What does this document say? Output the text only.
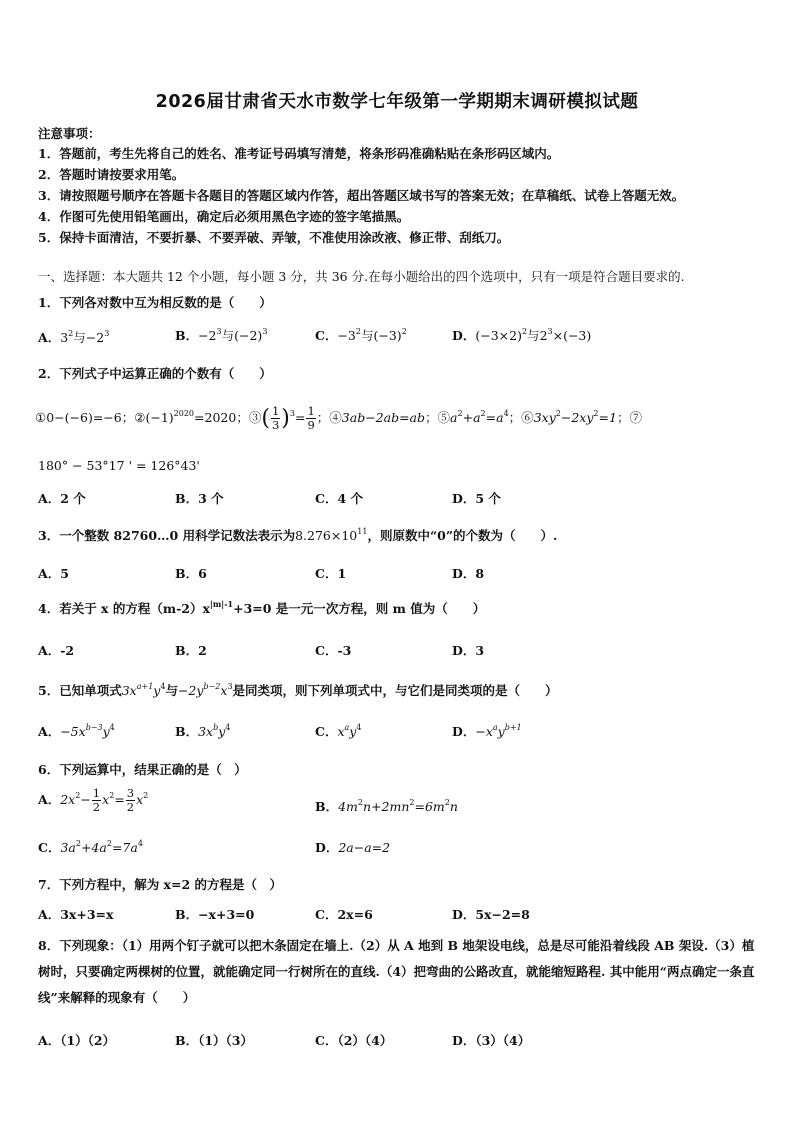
2026届甘肃省天水市数学七年级第一学期期末调研模拟试题
注意事项：
1．答题前，考生先将自己的姓名、准考证号码填写清楚，将条形码准确粘贴在条形码区域内。
2．答题时请按要求用笔。
3．请按照题号顺序在答题卡各题目的答题区域内作答，超出答题区域书写的答案无效；在草稿纸、试卷上答题无效。
4．作图可先使用铅笔画出，确定后必须用黑色字迹的签字笔描黑。
5．保持卡面清洁，不要折暴、不要弄破、弄皱，不准使用涂改液、修正带、刮纸刀。
一、选择题：本大题共 12 个小题，每小题 3 分，共 36 分.在每小题给出的四个选项中，只有一项是符合题目要求的.
1．下列各对数中互为相反数的是（　　）
A．$3^2$与$-2^3$	B．$-2^3$与$(-2)^3$	C．$-3^2$与$(-3)^2$	D．$(-3\times 2)^2$与$2^3\times(-3)$
2．下列式子中运算正确的个数有（　　）
①0−(−6)=−6；$②(-1)^{2020}=2020$；③( $\frac{1}{3} )^3= \frac{1}{9}$ ；④3ab−2ab=ab；$⑤a^2+a^2=a^4$；$⑥3xy^2-2xy^2=1$；⑦
180° − 53°17 ' = 126°43'
A．2 个	B．3 个	C．4 个	D．5 个
3．一个整数 82760…0 用科学记数法表示为$8.276\times 10^{11}$，则原数中“0”的个数为（　　）.
A．5	B．6	C．1	D．8
4．若关于 x 的方程$(m-2)x^{|m|-1}+3=0$ 是一元一次方程，则 m 值为（　　）
A．-2	B．2	C．-3	D．3
5．已知单项式$3x^{a+1}y^4$与$-2y^{b-2}x^3$是同类项，则下列单项式中，与它们是同类项的是（　　）
A．$-5x^{b-3}y^4$	B．$3x^by^4$	C．$x^ay^4$	D．$-x^ay^{b+1}$
6．下列运算中，结果正确的是（　）
A．$2x^2- \frac{1}{2} x^2= \frac{3}{2} x^2$
B．$4m^2n+2mn^2=6m^2n$
C．$3a^2+4a^2=7a^4$	D．2a−a=2
7．下列方程中，解为 x=2 的方程是（　）
A．3x+3=x	B．−x+3=0	C．2x=6	D．5x−2=8
8．下列现象：（1）用两个钉子就可以把木条固定在墙上.（2）从 A 地到 B 地架设电线，总是尽可能沿着线段 AB 架设.（3）植树时，只要确定两棵树的位置，就能确定同一行树所在的直线.（4）把弯曲的公路改直，就能缩短路程. 其中能用“两点确定一条直线”来解释的现象有（　　）
A．（1）（2）	B．（1）（3）	C．（2）（4）	D．（3）（4）
